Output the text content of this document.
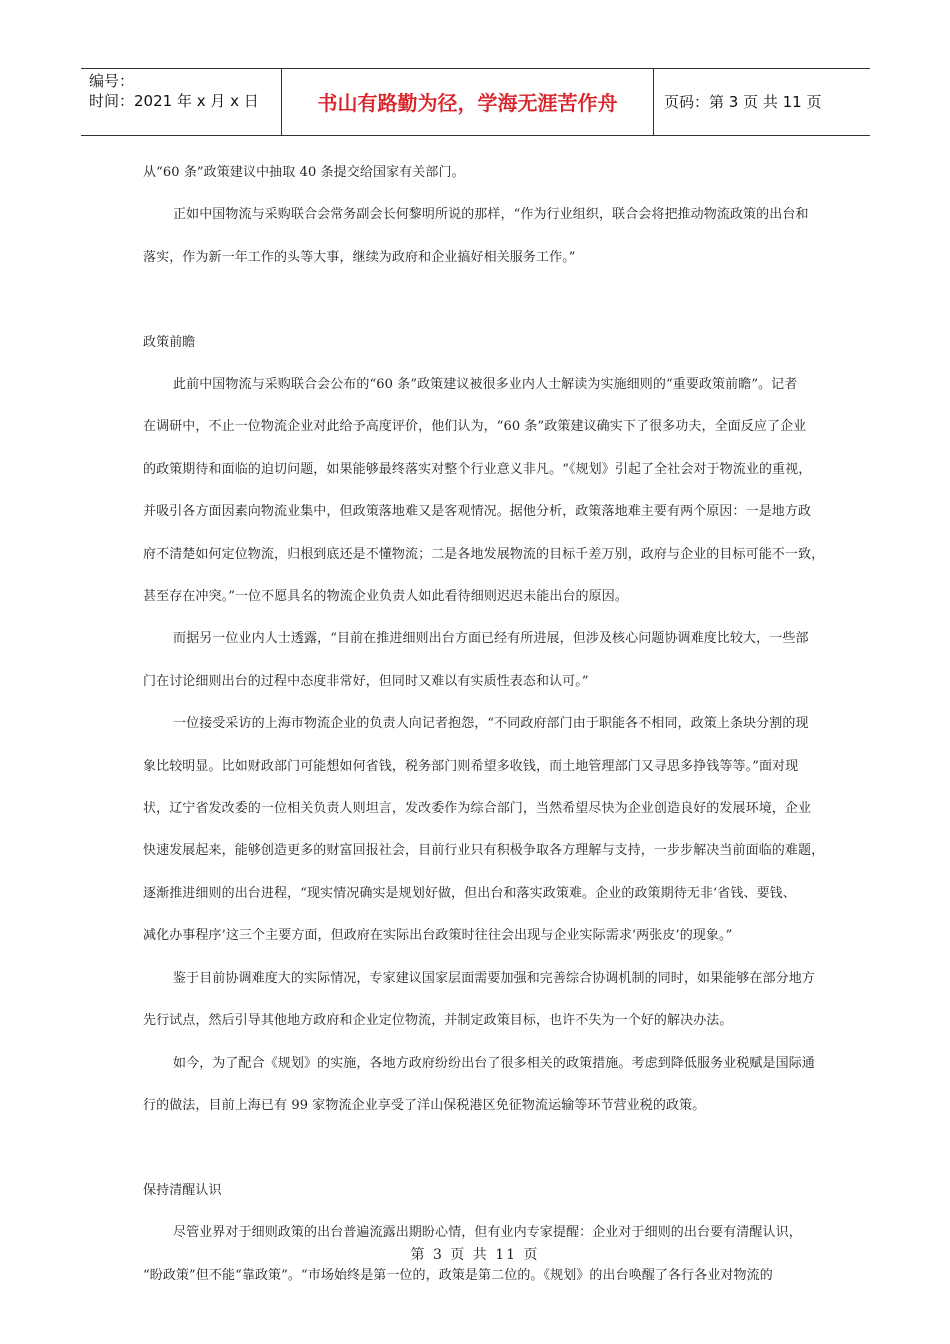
编号：
时间：2021 年 x 月 x 日	书山有路勤为径，学海无涯苦作舟	页码：第 3 页 共 11 页

从“60 条”政策建议中抽取 40 条提交给国家有关部门。

正如中国物流与采购联合会常务副会长何黎明所说的那样，“作为行业组织，联合会将把推动物流政策的出台和

落实，作为新一年工作的头等大事，继续为政府和企业搞好相关服务工作。”

政策前瞻

此前中国物流与采购联合会公布的“60 条”政策建议被很多业内人士解读为实施细则的“重要政策前瞻”。记者

在调研中，不止一位物流企业对此给予高度评价，他们认为，“60 条”政策建议确实下了很多功夫，全面反应了企业

的政策期待和面临的迫切问题，如果能够最终落实对整个行业意义非凡。“《规划》引起了全社会对于物流业的重视，

并吸引各方面因素向物流业集中，但政策落地难又是客观情况。据他分析，政策落地难主要有两个原因：一是地方政

府不清楚如何定位物流，归根到底还是不懂物流；二是各地发展物流的目标千差万别，政府与企业的目标可能不一致，

甚至存在冲突。”一位不愿具名的物流企业负责人如此看待细则迟迟未能出台的原因。

而据另一位业内人士透露，“目前在推进细则出台方面已经有所进展，但涉及核心问题协调难度比较大，一些部

门在讨论细则出台的过程中态度非常好，但同时又难以有实质性表态和认可。”

一位接受采访的上海市物流企业的负责人向记者抱怨，“不同政府部门由于职能各不相同，政策上条块分割的现

象比较明显。比如财政部门可能想如何省钱，税务部门则希望多收钱，而土地管理部门又寻思多挣钱等等。”面对现

状，辽宁省发改委的一位相关负责人则坦言，发改委作为综合部门，当然希望尽快为企业创造良好的发展环境，企业

快速发展起来，能够创造更多的财富回报社会，目前行业只有积极争取各方理解与支持，一步步解决当前面临的难题，

逐渐推进细则的出台进程，“现实情况确实是规划好做，但出台和落实政策难。企业的政策期待无非‘省钱、要钱、

减化办事程序’这三个主要方面，但政府在实际出台政策时往往会出现与企业实际需求‘两张皮’的现象。”

鉴于目前协调难度大的实际情况，专家建议国家层面需要加强和完善综合协调机制的同时，如果能够在部分地方

先行试点，然后引导其他地方政府和企业定位物流，并制定政策目标，也许不失为一个好的解决办法。

如今，为了配合《规划》的实施，各地方政府纷纷出台了很多相关的政策措施。考虑到降低服务业税赋是国际通

行的做法，目前上海已有 99 家物流企业享受了洋山保税港区免征物流运输等环节营业税的政策。

保持清醒认识

尽管业界对于细则政策的出台普遍流露出期盼心情，但有业内专家提醒：企业对于细则的出台要有清醒认识，

“盼政策”但不能“靠政策”。“市场始终是第一位的，政策是第二位的。《规划》的出台唤醒了各行各业对物流的

第 3 页 共 11 页
